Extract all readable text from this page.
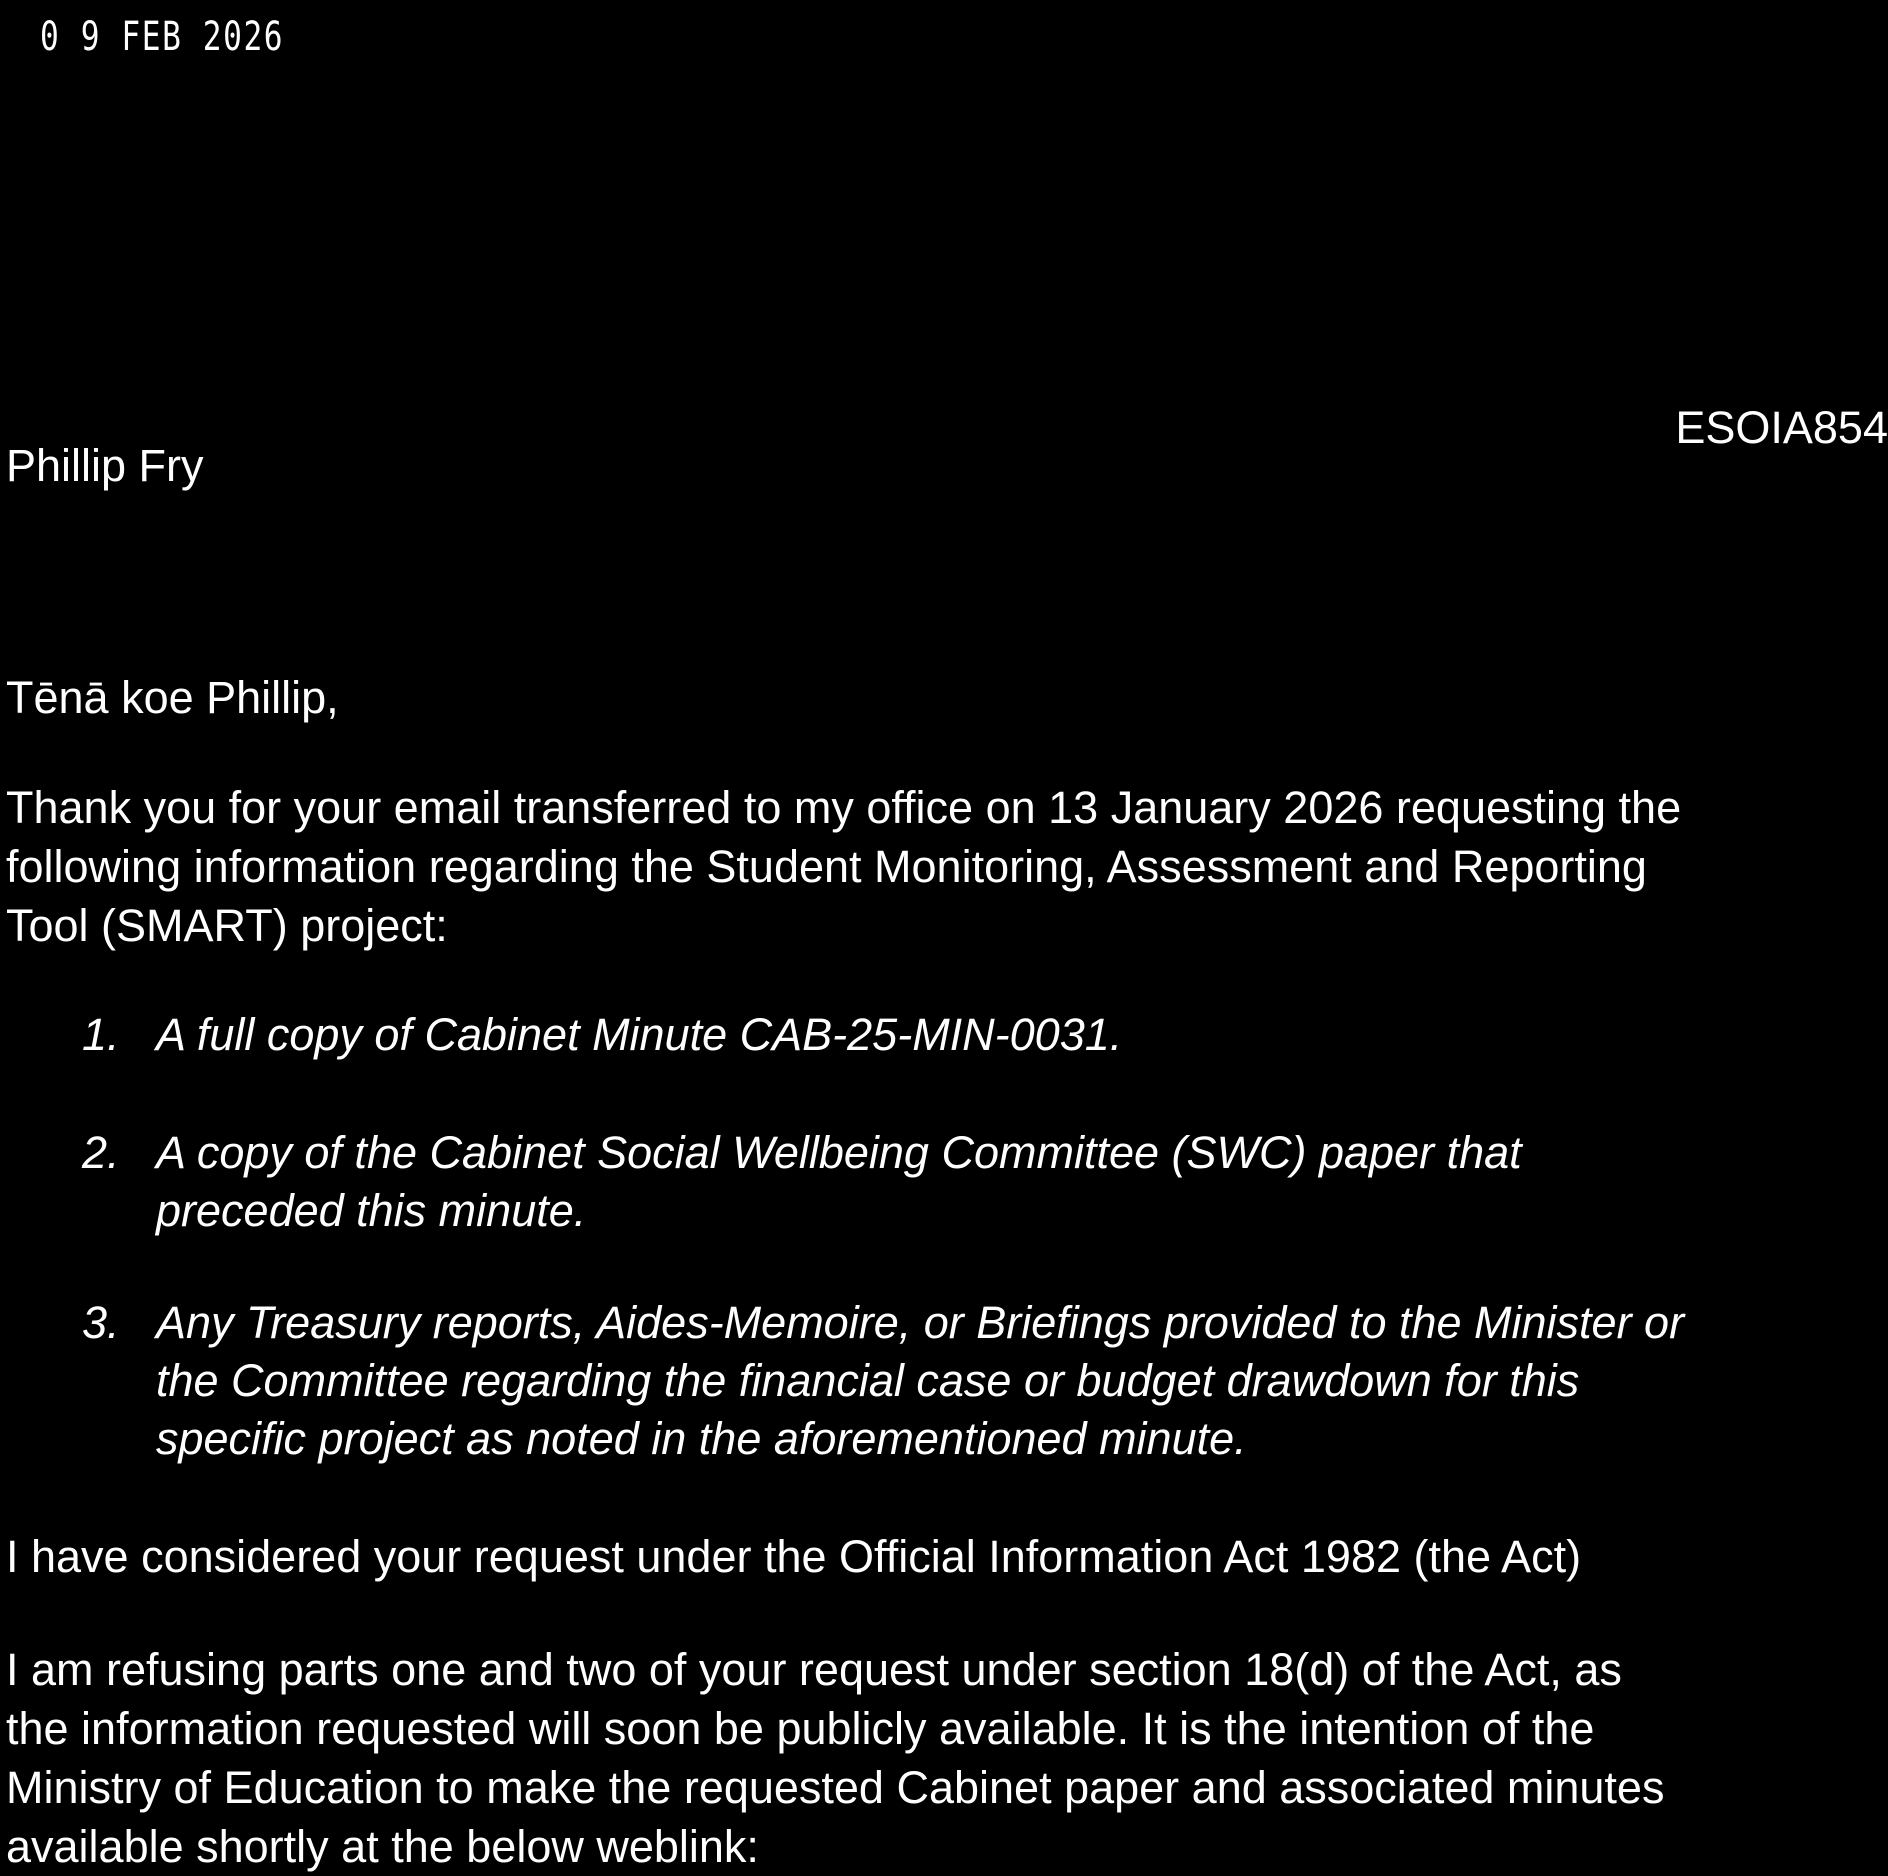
0 9 FEB 2026
ESOIA854
Phillip Fry
Tēnā koe Phillip,
Thank you for your email transferred to my office on 13 January 2026 requesting the
following information regarding the Student Monitoring, Assessment and Reporting
Tool (SMART) project:
1. A full copy of Cabinet Minute CAB-25-MIN-0031.
2. A copy of the Cabinet Social Wellbeing Committee (SWC) paper that
preceded this minute.
3. Any Treasury reports, Aides-Memoire, or Briefings provided to the Minister or
the Committee regarding the financial case or budget drawdown for this
specific project as noted in the aforementioned minute.
I have considered your request under the Official Information Act 1982 (the Act)
I am refusing parts one and two of your request under section 18(d) of the Act, as
the information requested will soon be publicly available. It is the intention of the
Ministry of Education to make the requested Cabinet paper and associated minutes
available shortly at the below weblink:
